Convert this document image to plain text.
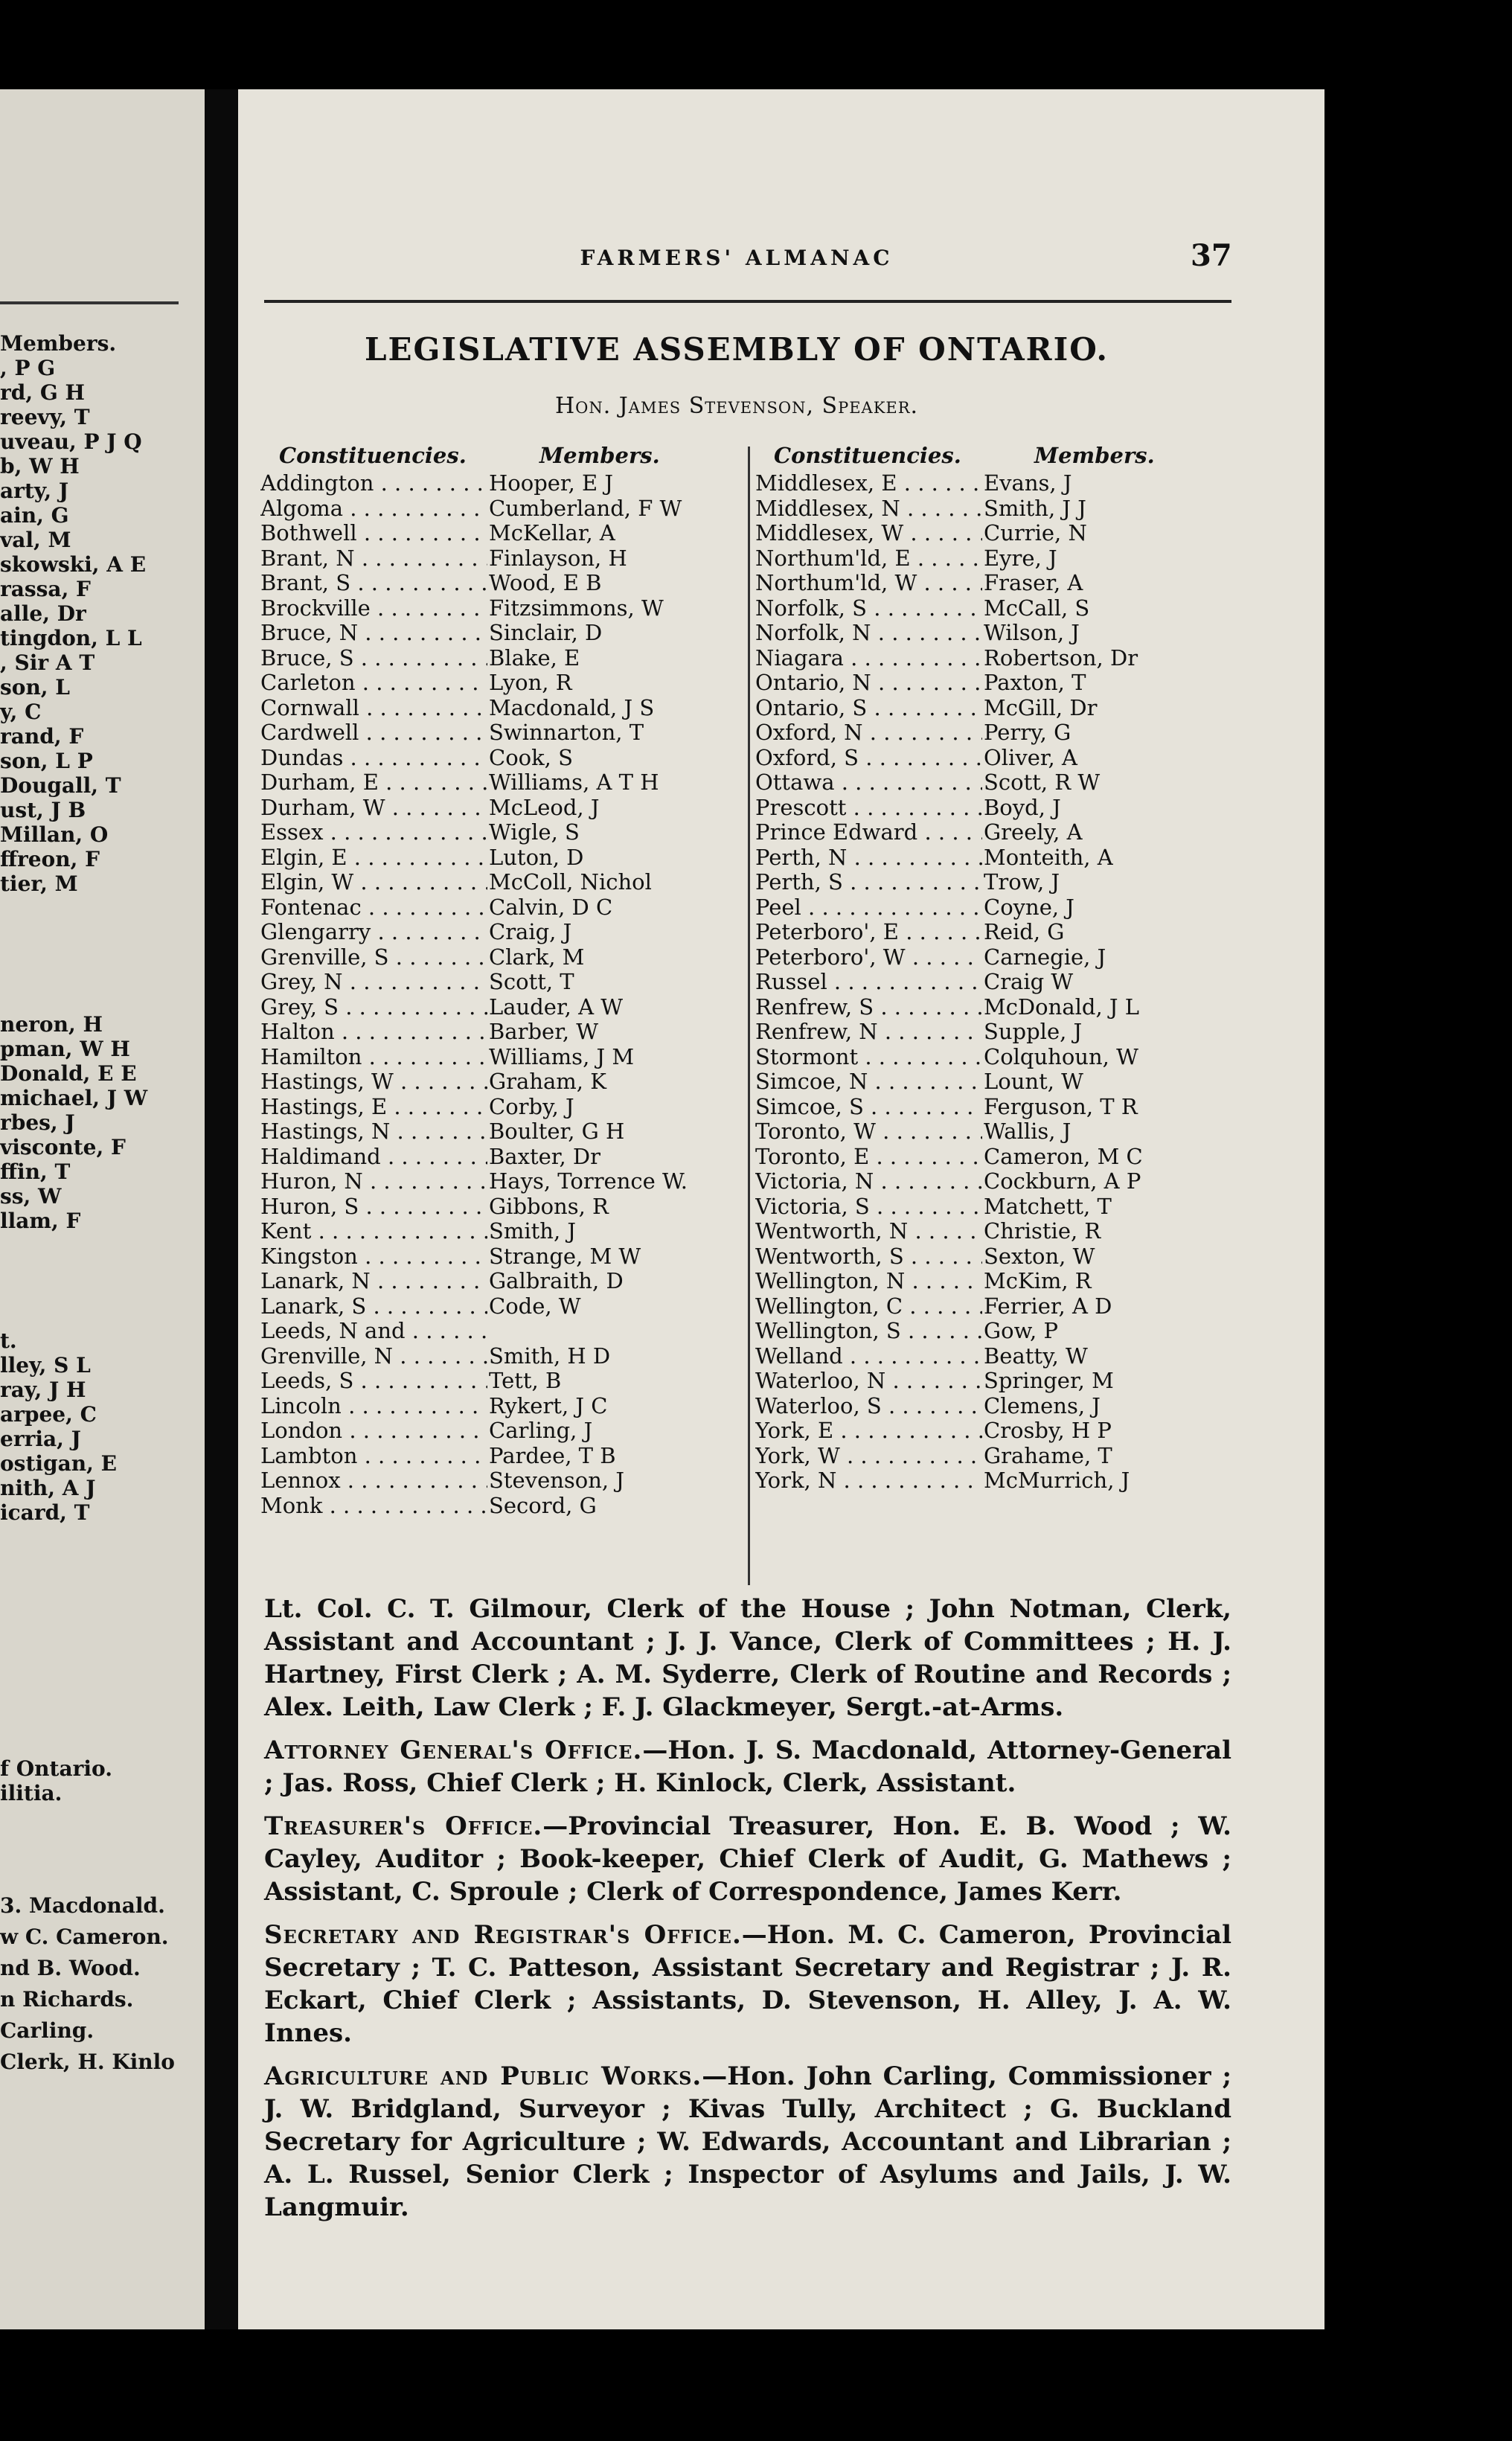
Members.
, P G
rd, G H
reevy, T
uveau, P J Q
b, W H
arty, J
ain, G
val, M
skowski, A E
rassa, F
alle, Dr
tingdon, L L
, Sir A T
son, L
y, C
rand, F
son, L P
Dougall, T
ust, J B
Millan, O
ffreon, F
tier, M
neron, H
pman, W H
Donald, E E
michael, J W
rbes, J
visconte, F
ffin, T
ss, W
llam, F
t.
lley, S L
ray, J H
arpee, C
erria, J
ostigan, E
nith, A J
icard, T
f Ontario.
ilitia.
3. Macdonald.
w C. Cameron.
nd B. Wood.
n Richards.
Carling.
Clerk, H. Kinlo
FARMERS' ALMANAC	37
LEGISLATIVE ASSEMBLY OF ONTARIO.
Hon. James Stevenson, Speaker.
Constituencies.	Members.
Addington . . .	Hooper, E J
Algoma . . .	Cumberland, F W
Bothwell . . .	McKellar, A
Brant, N . . .	Finlayson, H
Brant, S . . .	Wood, E B
Brockville . . .	Fitzsimmons, W
Bruce, N . . .	Sinclair, D
Bruce, S . . .	Blake, E
Carleton . . .	Lyon, R
Cornwall . . .	Macdonald, J S
Cardwell . . .	Swinnarton, T
Dundas . . .	Cook, S
Durham, E . . .	Williams, A T H
Durham, W . . .	McLeod, J
Essex . . .	Wigle, S
Elgin, E . . .	Luton, D
Elgin, W . . .	McColl, Nichol
Fontenac . . .	Calvin, D C
Glengarry . . .	Craig, J
Grenville, S . . .	Clark, M
Grey, N . . .	Scott, T
Grey, S . . .	Lauder, A W
Halton . . .	Barber, W
Hamilton . . .	Williams, J M
Hastings, W . . .	Graham, K
Hastings, E . . .	Corby, J
Hastings, N . . .	Boulter, G H
Haldimand . . .	Baxter, Dr
Huron, N . . .	Hays, Torrence W.
Huron, S . . .	Gibbons, R
Kent . . .	Smith, J
Kingston . . .	Strange, M W
Lanark, N . . .	Galbraith, D
Lanark, S . . .	Code, W
Leeds, N and . . .
Grenville, N . . .	Smith, H D
Leeds, S . . .	Tett, B
Lincoln . . .	Rykert, J C
London . . .	Carling, J
Lambton . . .	Pardee, T B
Lennox . . .	Stevenson, J
Monk . . .	Secord, G
Constituencies.	Members.
Middlesex, E . . .	Evans, J
Middlesex, N . . .	Smith, J J
Middlesex, W . . .	Currie, N
Northum'ld, E . . .	Eyre, J
Northum'ld, W . . .	Fraser, A
Norfolk, S . . .	McCall, S
Norfolk, N . . .	Wilson, J
Niagara . . .	Robertson, Dr
Ontario, N . . .	Paxton, T
Ontario, S . . .	McGill, Dr
Oxford, N . . .	Perry, G
Oxford, S . . .	Oliver, A
Ottawa . . .	Scott, R W
Prescott . . .	Boyd, J
Prince Edward . . .	Greely, A
Perth, N . . .	Monteith, A
Perth, S . . .	Trow, J
Peel . . .	Coyne, J
Peterboro', E . . .	Reid, G
Peterboro', W . . .	Carnegie, J
Russel . . .	Craig W
Renfrew, S . . .	McDonald, J L
Renfrew, N . . .	Supple, J
Stormont . . .	Colquhoun, W
Simcoe, N . . .	Lount, W
Simcoe, S . . .	Ferguson, T R
Toronto, W . . .	Wallis, J
Toronto, E . . .	Cameron, M C
Victoria, N . . .	Cockburn, A P
Victoria, S . . .	Matchett, T
Wentworth, N . . .	Christie, R
Wentworth, S . . .	Sexton, W
Wellington, N . . .	McKim, R
Wellington, C . . .	Ferrier, A D
Wellington, S . . .	Gow, P
Welland . . .	Beatty, W
Waterloo, N . . .	Springer, M
Waterloo, S . . .	Clemens, J
York, E . . .	Crosby, H P
York, W . . .	Grahame, T
York, N . . .	McMurrich, J

Lt. Col. C. T. Gilmour, Clerk of the House ; John Notman, Clerk, Assistant and Accountant ; J. J. Vance, Clerk of Committees ; H. J. Hartney, First Clerk ; A. M. Syderre, Clerk of Routine and Records ; Alex. Leith, Law Clerk ; F. J. Glackmeyer, Sergt.-at-Arms.

Attorney General's Office.—Hon. J. S. Macdonald, Attorney-General ; Jas. Ross, Chief Clerk ; H. Kinlock, Clerk, Assistant.

Treasurer's Office.—Provincial Treasurer, Hon. E. B. Wood ; W. Cayley, Auditor ; Book-keeper, Chief Clerk of Audit, G. Mathews ; Assistant, C. Sproule ; Clerk of Correspondence, James Kerr.

Secretary and Registrar's Office.—Hon. M. C. Cameron, Provincial Secretary ; T. C. Patteson, Assistant Secretary and Registrar ; J. R. Eckart, Chief Clerk ; Assistants, D. Stevenson, H. Alley, J. A. W. Innes.

Agriculture and Public Works.—Hon. John Carling, Commissioner ; J. W. Bridgland, Surveyor ; Kivas Tully, Architect ; G. Buckland Secretary for Agriculture ; W. Edwards, Accountant and Librarian ; A. L. Russel, Senior Clerk ; Inspector of Asylums and Jails, J. W. Langmuir.
